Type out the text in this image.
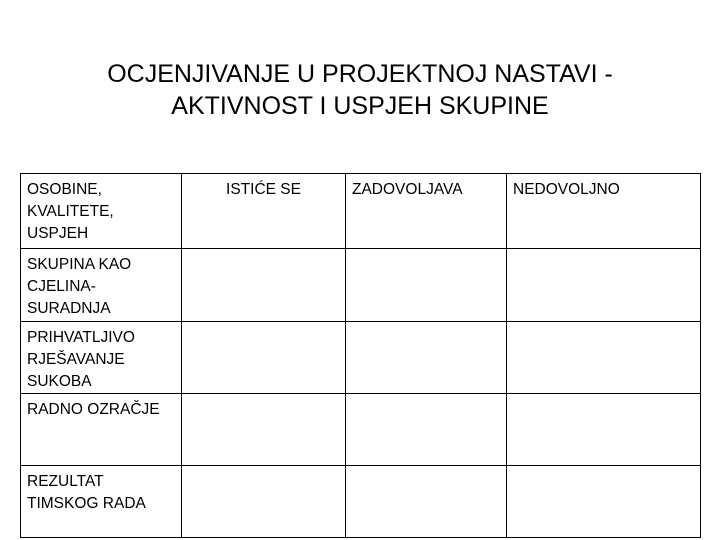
OCJENJIVANJE U PROJEKTNOJ NASTAVI -
AKTIVNOST I USPJEH SKUPINE
OSOBINE, KVALITETE, USPJEH	ISTIĆE SE	ZADOVOLJAVA	NEDOVOLJNO
SKUPINA KAO CJELINA-SURADNJA			
PRIHVATLJIVO RJEŠAVANJE SUKOBA			
RADNO OZRAČJE			
REZULTAT TIMSKOG RADA			
